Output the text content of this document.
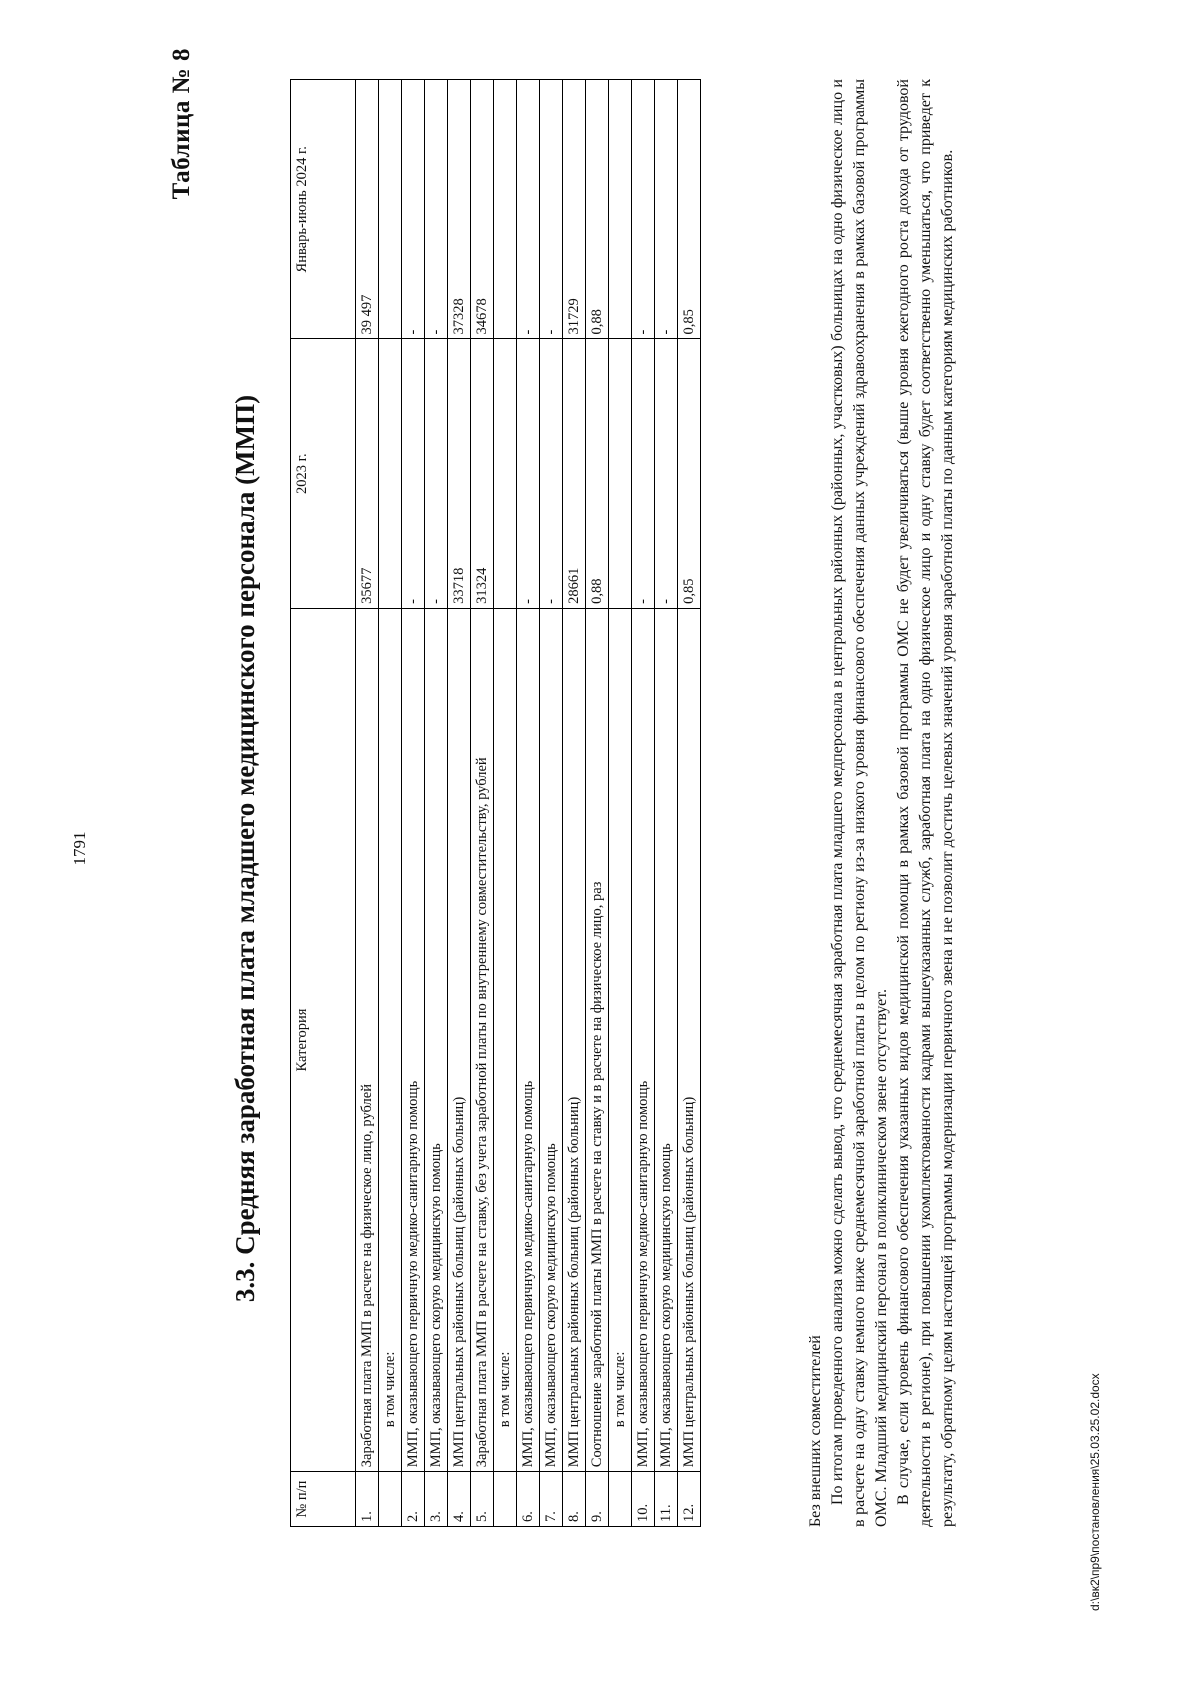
1791
Таблица № 8
3.3. Средняя заработная плата младшего медицинского персонала (ММП)
№ п/п	Категория	2023 г.	Январь-июнь 2024 г.
1.	Заработная плата ММП в расчете на физическое лицо, рублей	35677	39 497
	в том числе:		
2.	ММП, оказывающего первичную медико-санитарную помощь	-	-
3.	ММП, оказывающего скорую медицинскую помощь	-	-
4.	ММП центральных районных больниц (районных больниц)	33718	37328
5.	Заработная плата ММП в расчете на ставку, без учета заработной платы по внутреннему совместительству, рублей	31324	34678
	в том числе:		
6.	ММП, оказывающего первичную медико-санитарную помощь	-	-
7.	ММП, оказывающего скорую медицинскую помощь	-	-
8.	ММП центральных районных больниц (районных больниц)	28661	31729
9.	Соотношение заработной платы ММП в расчете на ставку и в расчете на физическое лицо, раз	0,88	0,88
	в том числе:		
10.	ММП, оказывающего первичную медико-санитарную помощь	-	-
11.	ММП, оказывающего скорую медицинскую помощь	-	-
12.	ММП центральных районных больниц (районных больниц)	0,85	0,85

Без внешних совместителей По итогам проведенного анализа можно сделать вывод, что среднемесячная заработная плата младшего медперсонала в центральных районных (районных, участковых) больницах на одно физическое лицо и в расчете на одну ставку немного ниже среднемесячной заработной платы в целом по региону из-за низкого уровня финансового обеспечения данных учреждений здравоохранения в рамках базовой программы ОМС. Младший медицинский персонал в поликлиническом звене отсутствует. В случае, если уровень финансового обеспечения указанных видов медицинской помощи в рамках базовой программы ОМС не будет увеличиваться (выше уровня ежегодного роста дохода от трудовой деятельности в регионе), при повышении укомплектованности кадрами вышеуказанных служб, заработная плата на одно физическое лицо и одну ставку будет соответственно уменьшаться, что приведет к результату, обратному целям настоящей программы модернизации первичного звена и не позволит достичь целевых значений уровня заработной платы по данным категориям медицинских работников.	d:\вк2\пр9\постановления\25.03.25.02.docx
